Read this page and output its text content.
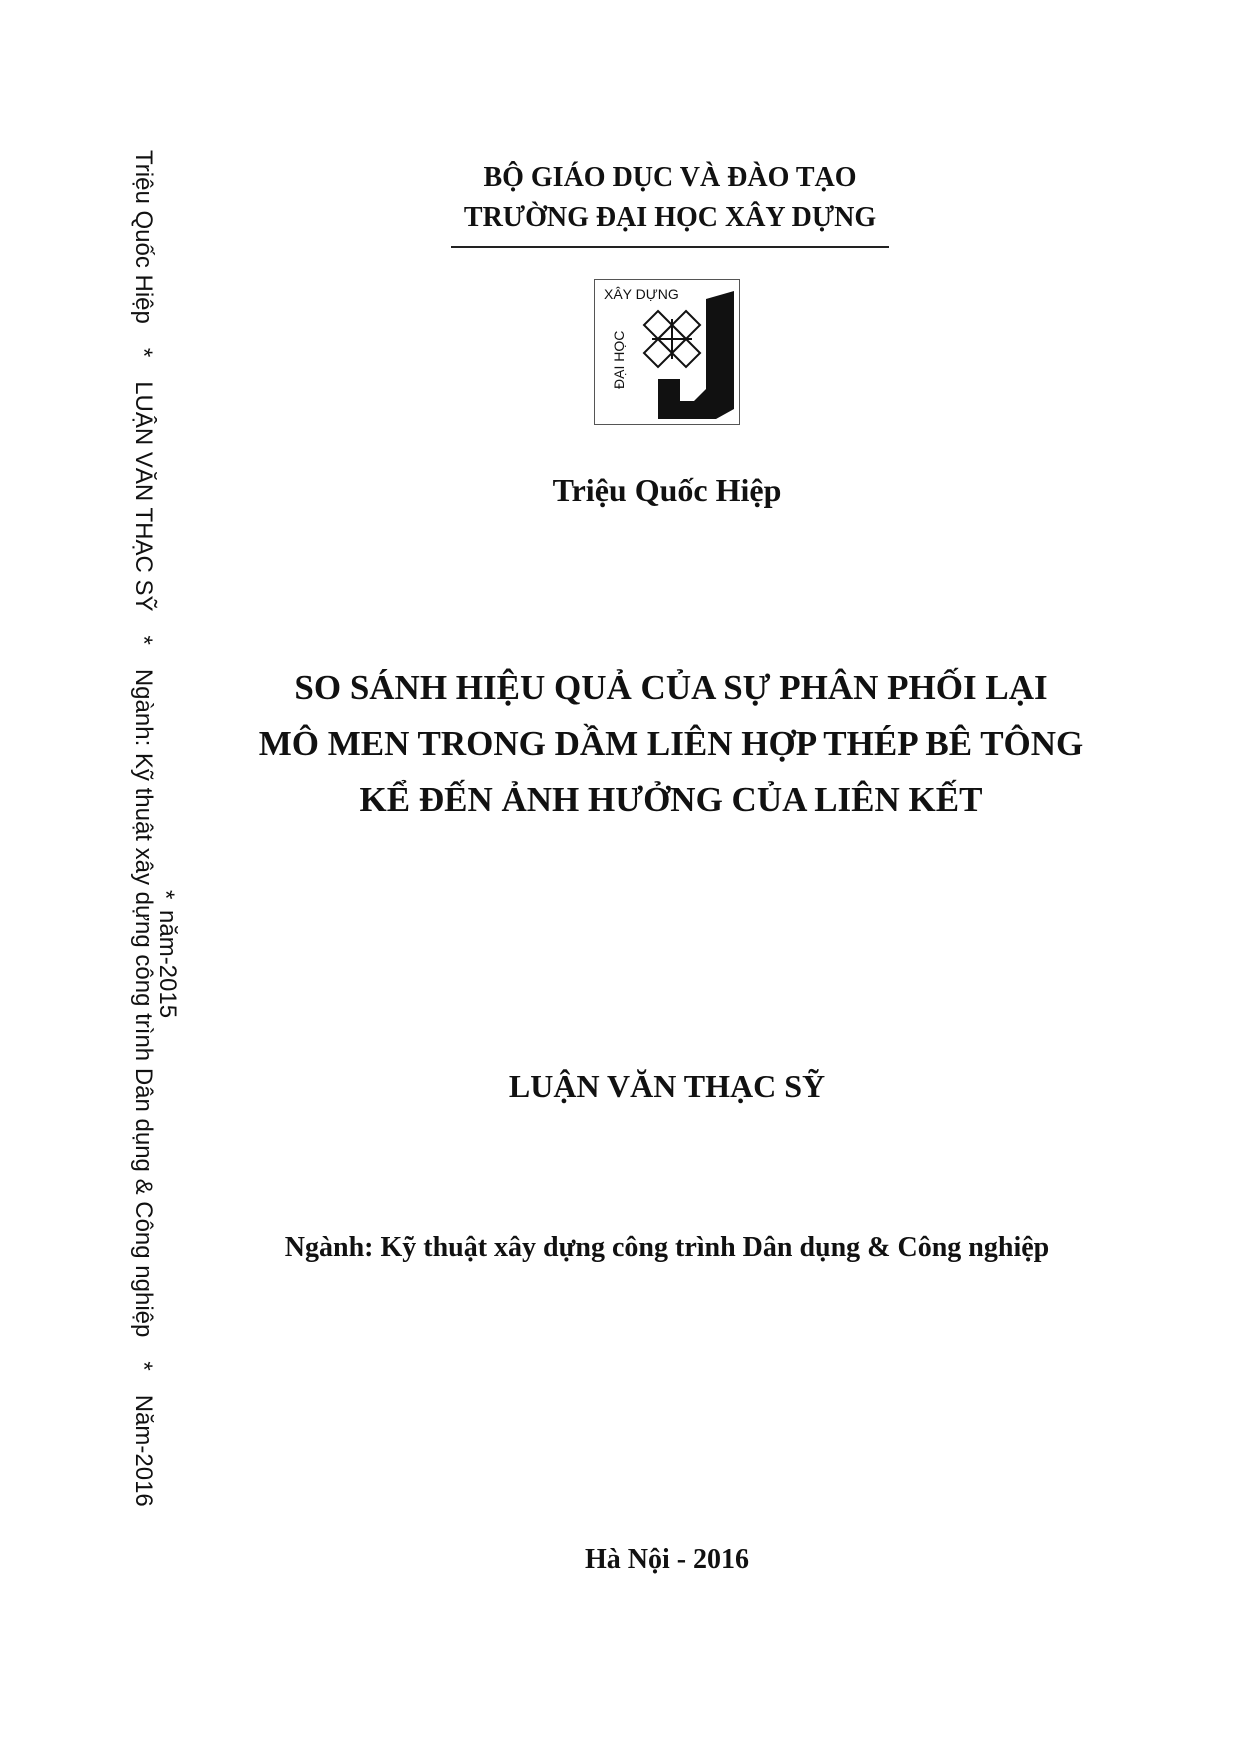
Triệu Quốc Hiệp * LUẬN VĂN THẠC SỸ * Ngành: Kỹ thuật xây dựng công trình Dân dụng & Công nghiệp * Năm-2016
*
năm-2015
BỘ GIÁO DỤC VÀ ĐÀO TẠO
TRƯỜNG ĐẠI HỌC XÂY DỰNG
XÂY DỰNG
ĐẠI HỌC
Triệu Quốc Hiệp
SO SÁNH HIỆU QUẢ CỦA SỰ PHÂN PHỐI LẠI
MÔ MEN TRONG DẦM LIÊN HỢP THÉP BÊ TÔNG
KỂ ĐẾN ẢNH HƯỞNG CỦA LIÊN KẾT
LUẬN VĂN THẠC SỸ
Ngành: Kỹ thuật xây dựng công trình Dân dụng & Công nghiệp
Hà Nội - 2016
